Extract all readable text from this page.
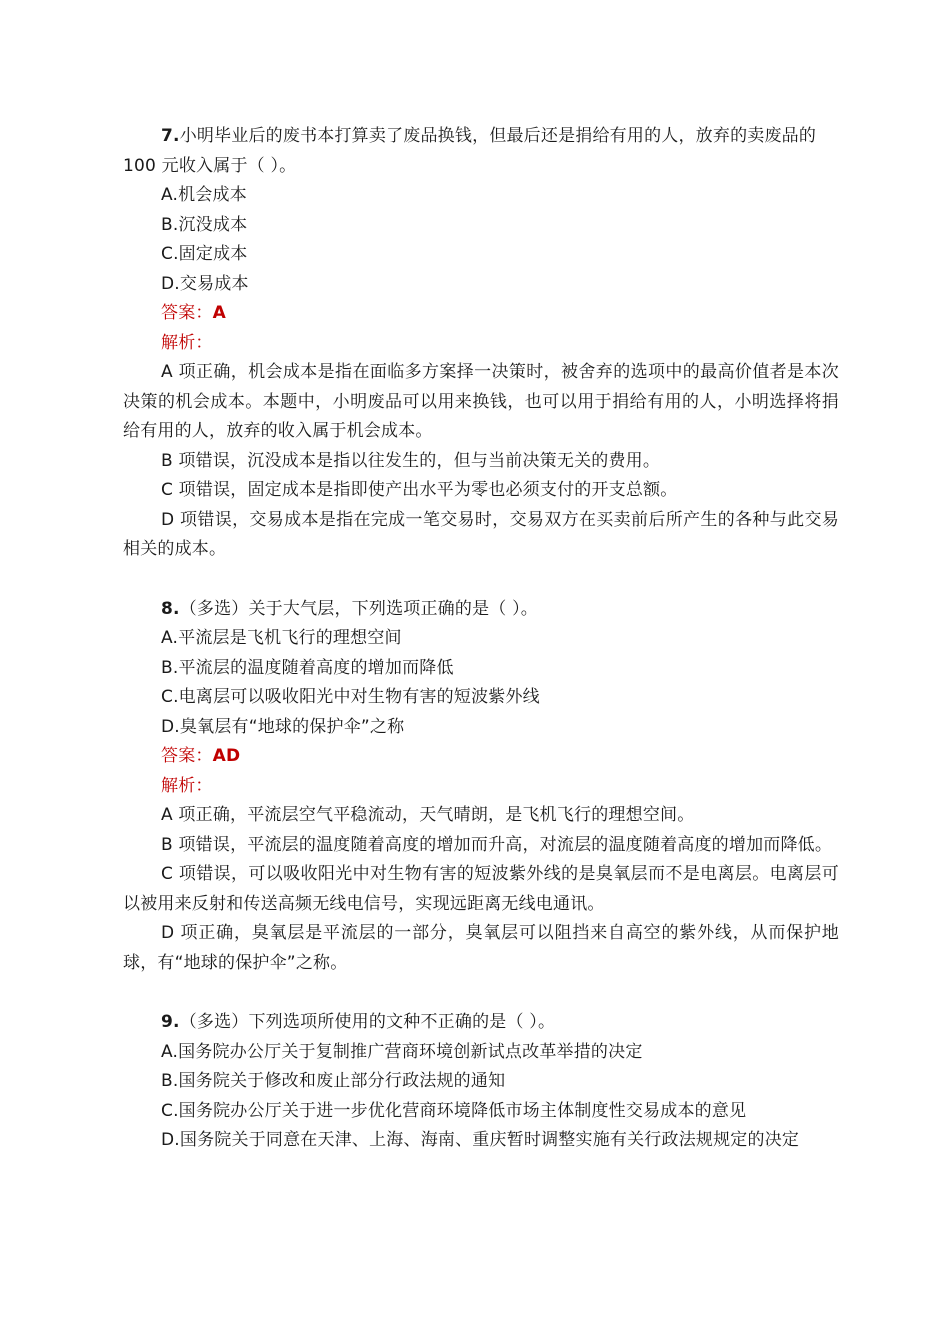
7.小明毕业后的废书本打算卖了废品换钱，但最后还是捐给有用的人，放弃的卖废品的 100 元收入属于（ ）。

A.机会成本

B.沉没成本

C.固定成本

D.交易成本

答案：A

解析：

A 项正确，机会成本是指在面临多方案择一决策时，被舍弃的选项中的最高价值者是本次决策的机会成本。本题中，小明废品可以用来换钱，也可以用于捐给有用的人，小明选择将捐给有用的人，放弃的收入属于机会成本。

B 项错误，沉没成本是指以往发生的，但与当前决策无关的费用。

C 项错误，固定成本是指即使产出水平为零也必须支付的开支总额。

D 项错误，交易成本是指在完成一笔交易时，交易双方在买卖前后所产生的各种与此交易相关的成本。

8.（多选）关于大气层，下列选项正确的是（ ）。

A.平流层是飞机飞行的理想空间

B.平流层的温度随着高度的增加而降低

C.电离层可以吸收阳光中对生物有害的短波紫外线

D.臭氧层有“地球的保护伞”之称

答案：AD

解析：

A 项正确，平流层空气平稳流动，天气晴朗，是飞机飞行的理想空间。

B 项错误，平流层的温度随着高度的增加而升高，对流层的温度随着高度的增加而降低。

C 项错误，可以吸收阳光中对生物有害的短波紫外线的是臭氧层而不是电离层。电离层可以被用来反射和传送高频无线电信号，实现远距离无线电通讯。

D 项正确，臭氧层是平流层的一部分，臭氧层可以阻挡来自高空的紫外线，从而保护地球，有“地球的保护伞”之称。

9.（多选）下列选项所使用的文种不正确的是（ ）。

A.国务院办公厅关于复制推广营商环境创新试点改革举措的决定

B.国务院关于修改和废止部分行政法规的通知

C.国务院办公厅关于进一步优化营商环境降低市场主体制度性交易成本的意见

D.国务院关于同意在天津、上海、海南、重庆暂时调整实施有关行政法规规定的决定
